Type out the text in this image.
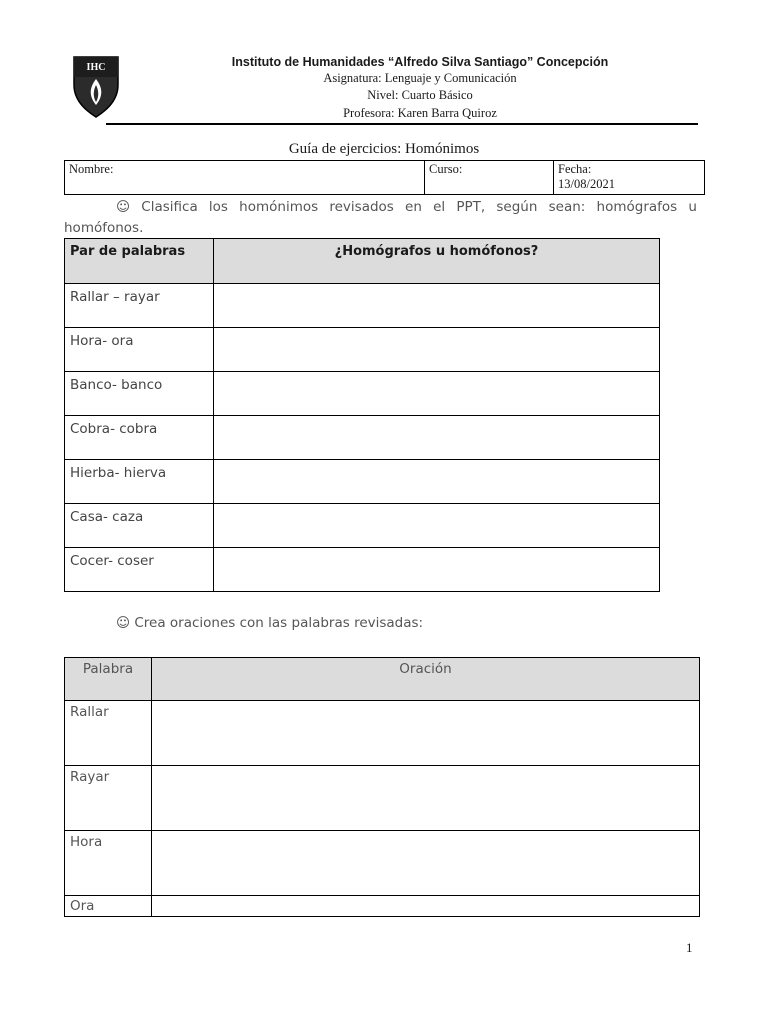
IHC	Instituto de Humanidades “Alfredo Silva Santiago” Concepción
Asignatura: Lenguaje y Comunicación
Nivel: Cuarto Básico
Profesora: Karen Barra Quiroz
Guía de ejercicios: Homónimos
Nombre:	Curso:	Fecha:
13/08/2021
☺ Clasifica los homónimos revisados en el PPT, según sean: homógrafos u homófonos.
Par de palabras	¿Homógrafos u homófonos?
Rallar – rayar	
Hora- ora	
Banco- banco	
Cobra- cobra	
Hierba- hierva	
Casa- caza	
Cocer- coser	
☺ Crea oraciones con las palabras revisadas:
Palabra	Oración
Rallar	
Rayar	
Hora	
Ora	
1
